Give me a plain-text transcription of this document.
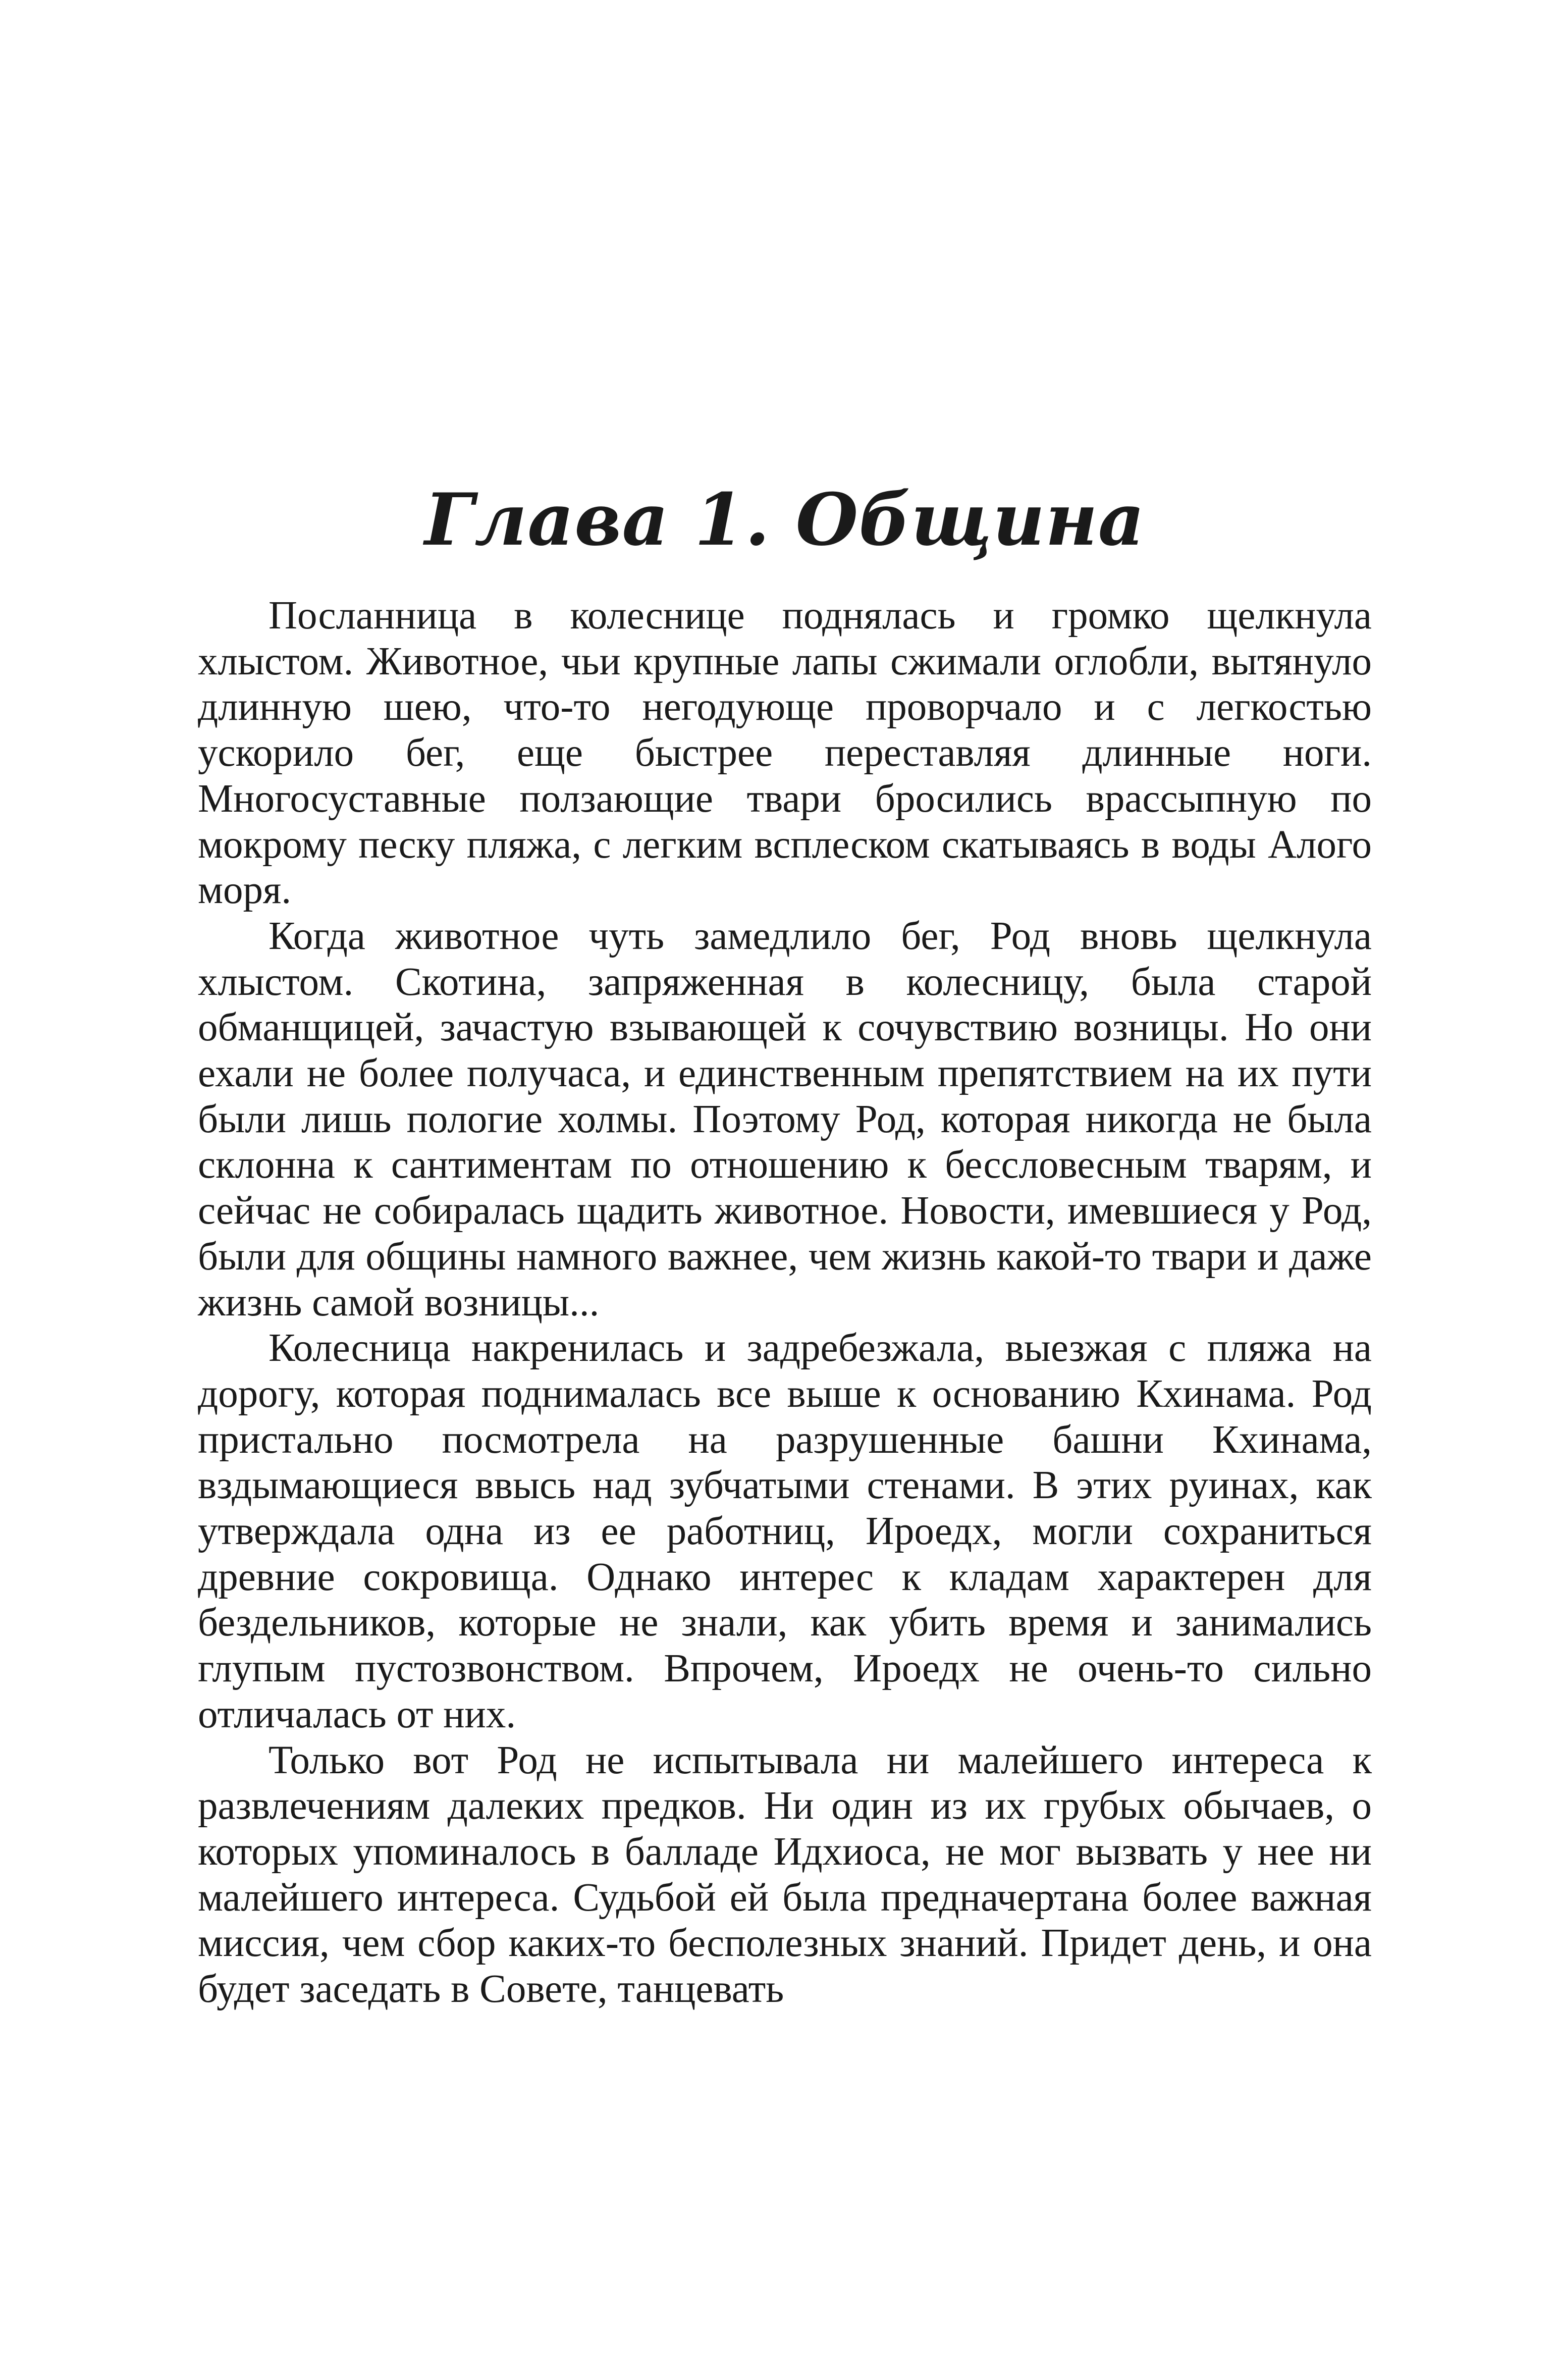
Глава 1. Община

Посланница в колеснице поднялась и громко щелкнула хлыстом. Животное, чьи крупные лапы сжимали оглобли, вытянуло длинную шею, что-то негодующе проворчало и с легкостью ускорило бег, еще быстрее переставляя длинные ноги. Многосуставные ползающие твари бросились врассыпную по мокрому песку пляжа, с легким всплеском скатываясь в воды Алого моря.

Когда животное чуть замедлило бег, Род вновь щелкнула хлыстом. Скотина, запряженная в колесницу, была старой обманщицей, зачастую взывающей к сочувствию возницы. Но они ехали не более получаса, и единственным препятствием на их пути были лишь пологие холмы. Поэтому Род, которая никогда не была склонна к сантиментам по отношению к бессловесным тварям, и сейчас не собиралась щадить животное. Новости, имевшиеся у Род, были для общины намного важнее, чем жизнь какой-то твари и даже жизнь самой возницы...

Колесница накренилась и задребезжала, выезжая с пляжа на дорогу, которая поднималась все выше к основанию Кхинама. Род пристально посмотрела на разрушенные башни Кхинама, вздымающиеся ввысь над зубчатыми стенами. В этих руинах, как утверждала одна из ее работниц, Ироедх, могли сохраниться древние сокровища. Однако интерес к кладам характерен для бездельников, которые не знали, как убить время и занимались глупым пустозвонством. Впрочем, Ироедх не очень-то сильно отличалась от них.

Только вот Род не испытывала ни малейшего интереса к развлечениям далеких предков. Ни один из их грубых обычаев, о которых упоминалось в балладе Идхиоса, не мог вызвать у нее ни малейшего интереса. Судьбой ей была предначертана более важная миссия, чем сбор каких-то бесполезных знаний. Придет день, и она будет заседать в Совете, танцевать
